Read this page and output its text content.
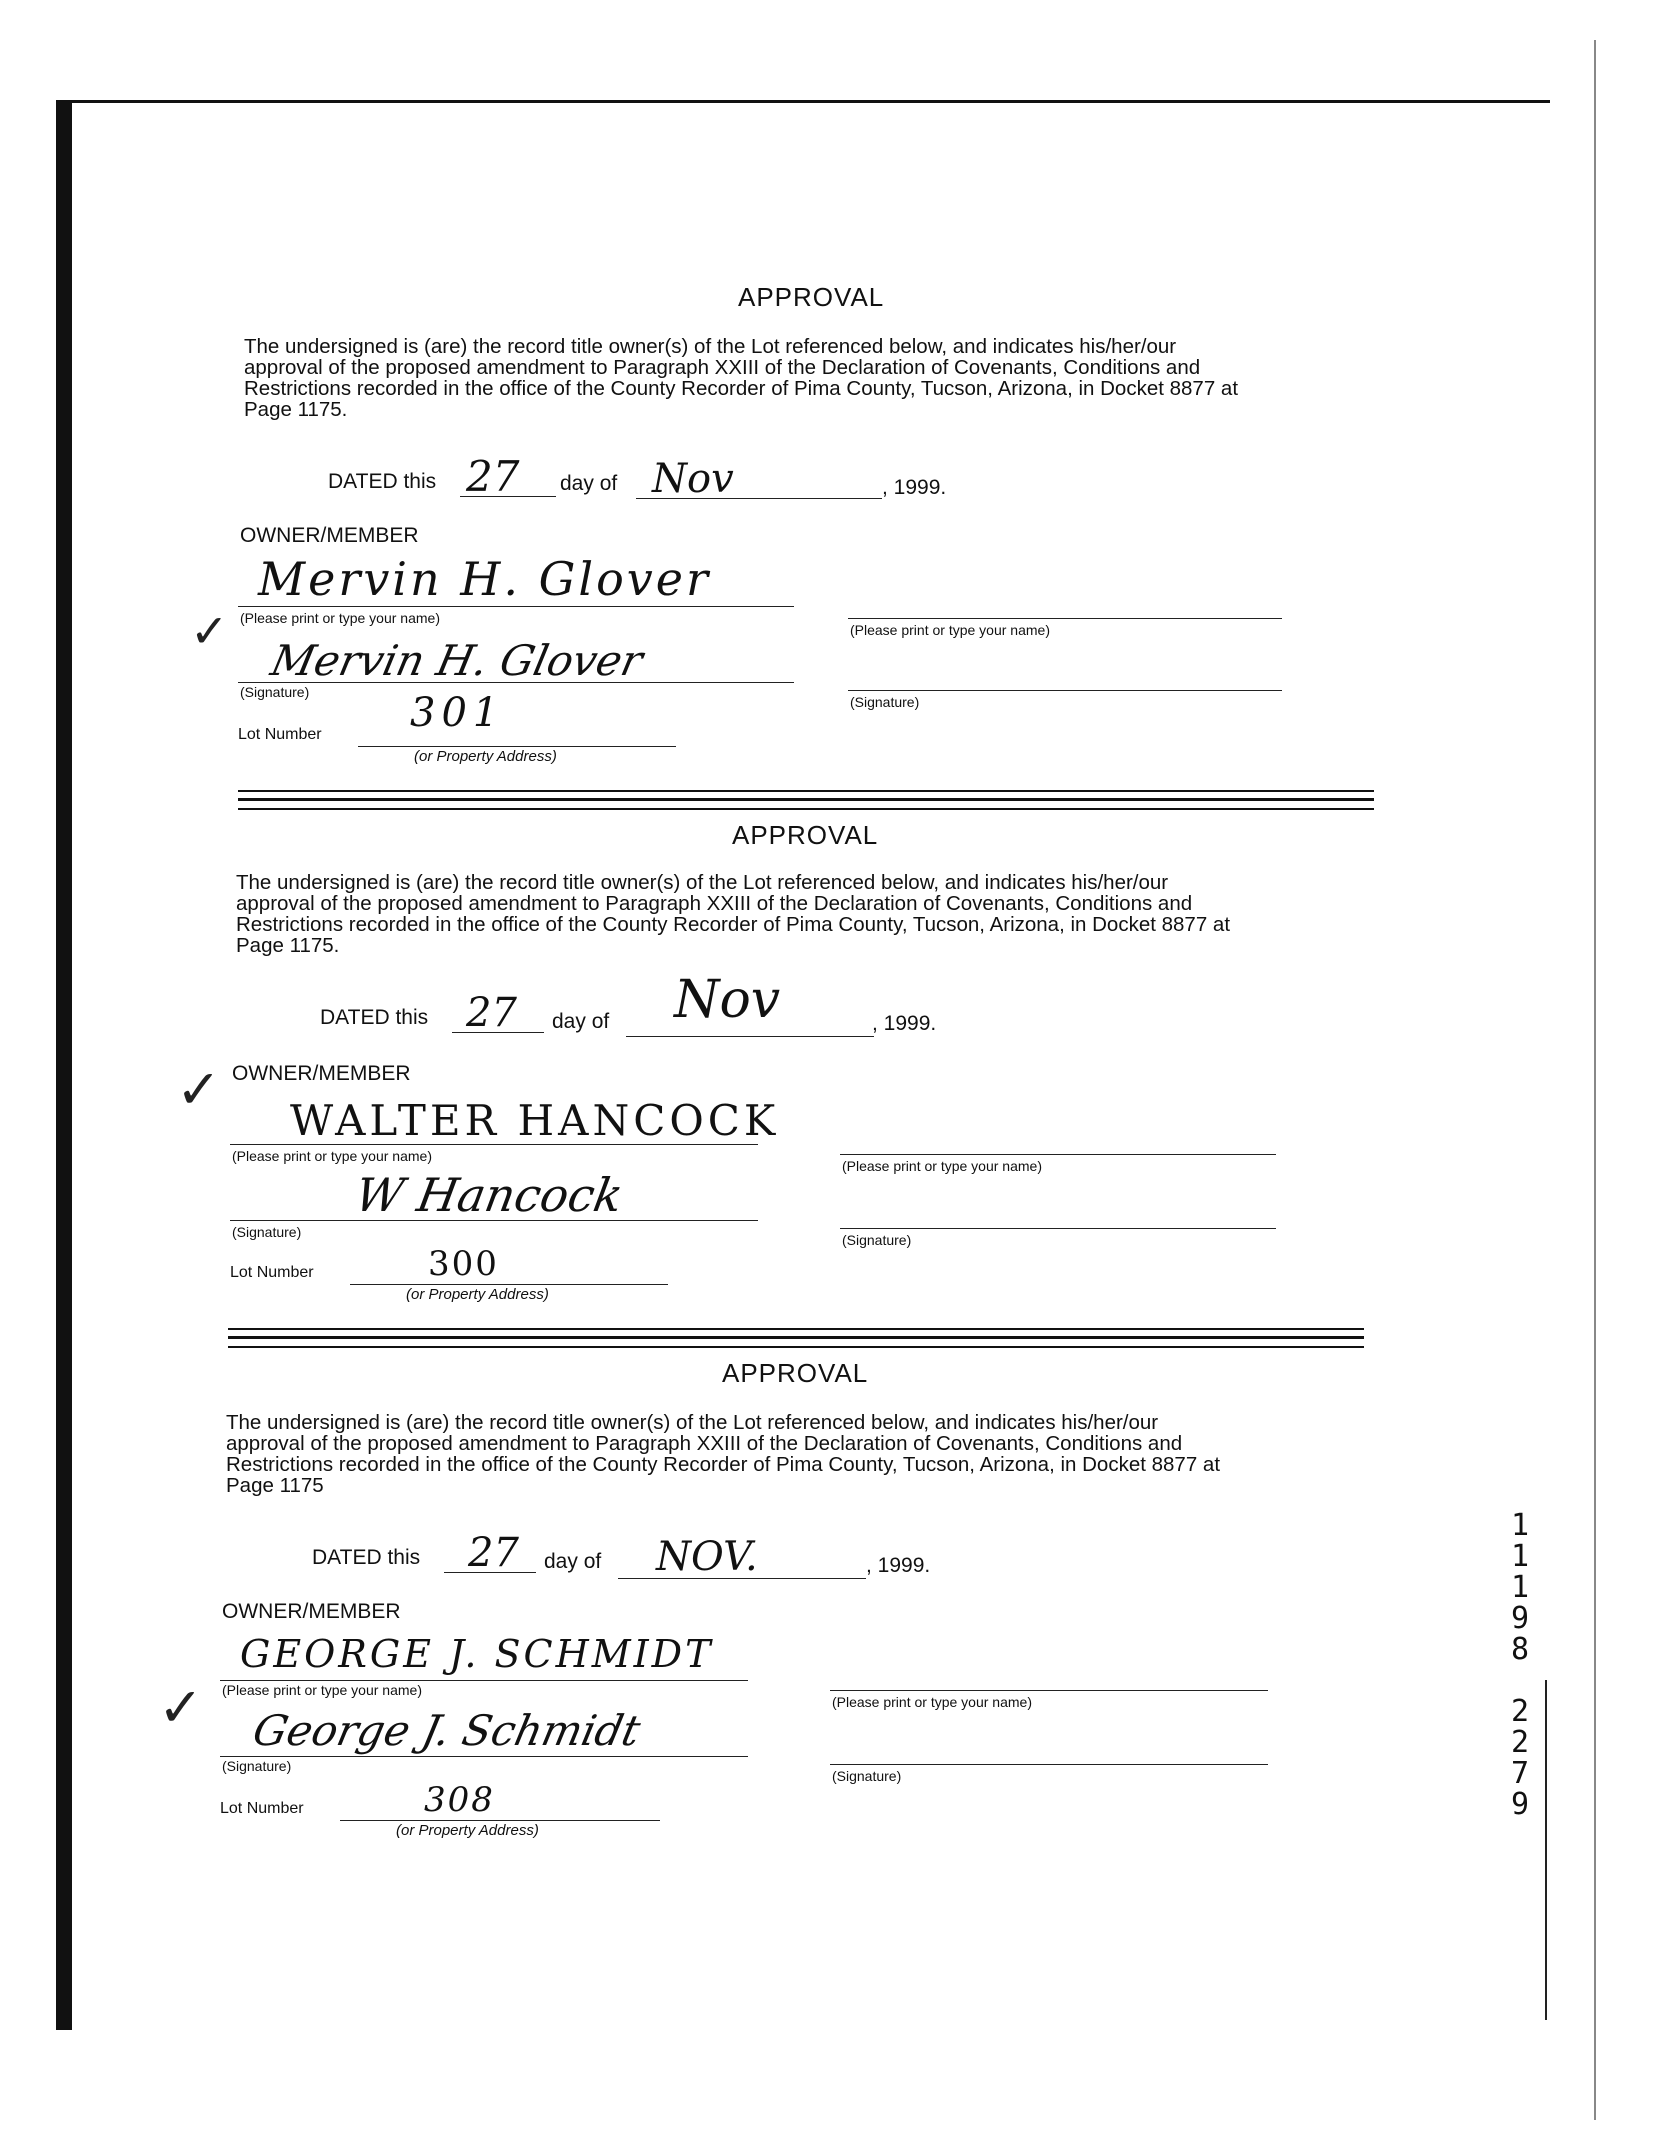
APPROVAL
The undersigned is (are) the record title owner(s) of the Lot referenced below, and indicates his/her/our
approval of the proposed amendment to Paragraph XXIII of the Declaration of Covenants, Conditions and
Restrictions recorded in the office of the County Recorder of Pima County, Tucson, Arizona, in Docket 8877 at
Page 1175.
DATED this 27 day of Nov	, 1999.
OWNER/MEMBER
Mervin H. Glover
(Please print or type your name)
✓
Mervin H. Glover
(Signature)
(Please print or type your name)
(Signature)
Lot Number 301
(or Property Address)
APPROVAL
The undersigned is (are) the record title owner(s) of the Lot referenced below, and indicates his/her/our
approval of the proposed amendment to Paragraph XXIII of the Declaration of Covenants, Conditions and
Restrictions recorded in the office of the County Recorder of Pima County, Tucson, Arizona, in Docket 8877 at
Page 1175.
DATED this 27 day of Nov	, 1999.
OWNER/MEMBER
✓ WALTER HANCOCK
(Please print or type your name)
W Hancock
(Signature)
(Please print or type your name)
(Signature)
Lot Number	300
(or Property Address)
APPROVAL
The undersigned is (are) the record title owner(s) of the Lot referenced below, and indicates his/her/our
approval of the proposed amendment to Paragraph XXIII of the Declaration of Covenants, Conditions and
Restrictions recorded in the office of the County Recorder of Pima County, Tucson, Arizona, in Docket 8877 at
Page 1175
DATED this 27 day of NOV.	, 1999.
OWNER/MEMBER
GEORGE J. SCHMIDT
(Please print or type your name)
✓ George J. Schmidt
(Signature)
(Please print or type your name)
(Signature)
Lot Number	308
(or Property Address)
1
1
1
9
8
2
2
7
9
